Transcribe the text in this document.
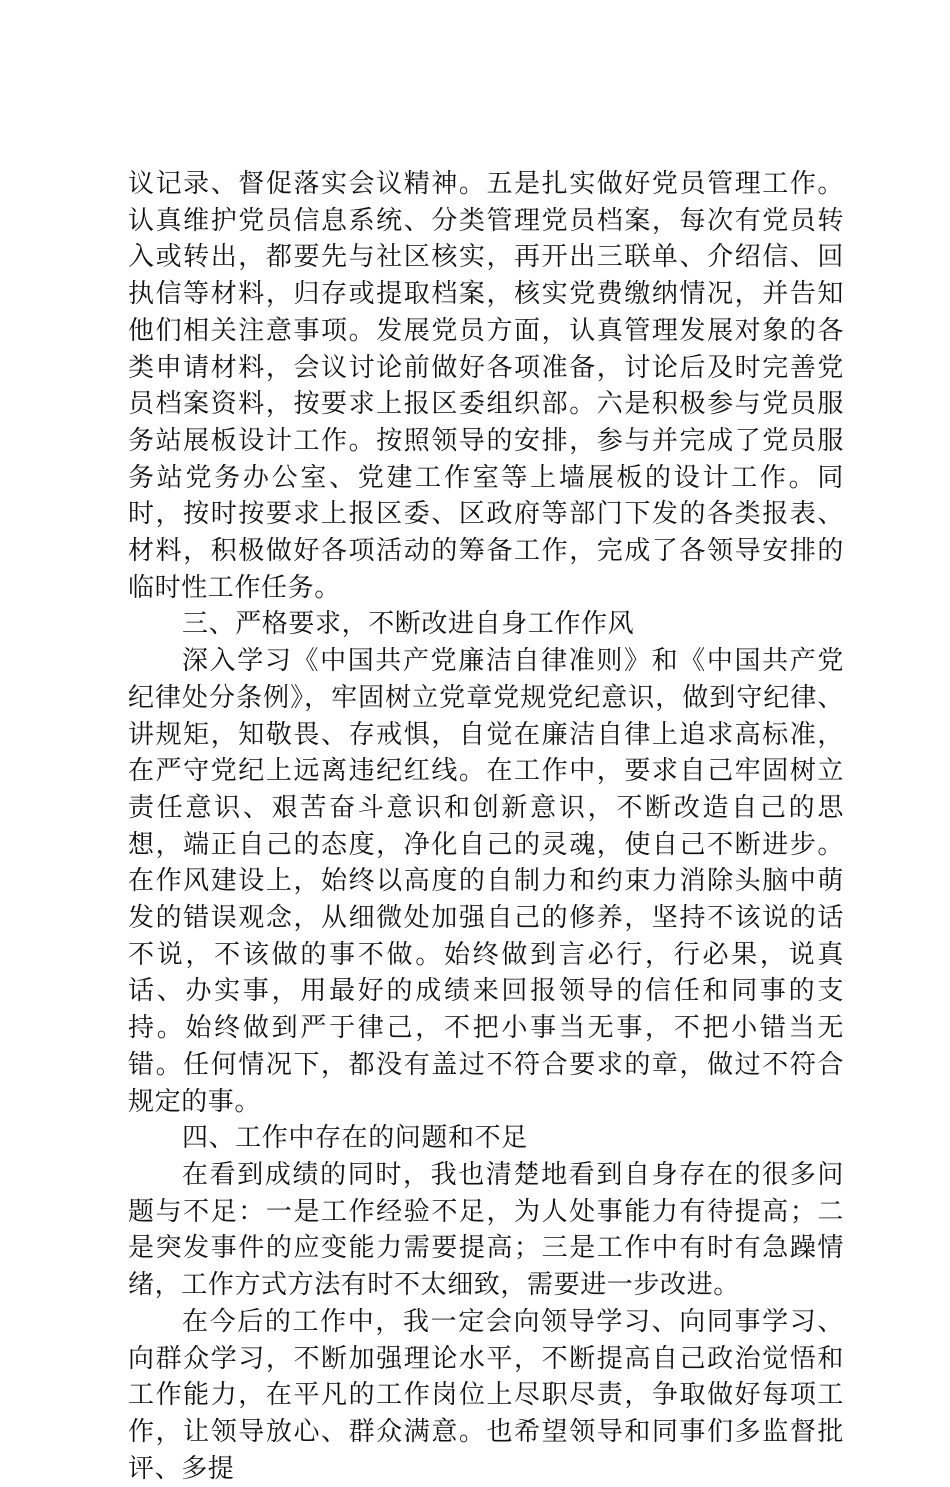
议记录、督促落实会议精神。五是扎实做好党员管理工作。认真维护党员信息系统、分类管理党员档案，每次有党员转入或转出，都要先与社区核实，再开出三联单、介绍信、回执信等材料，归存或提取档案，核实党费缴纳情况，并告知他们相关注意事项。发展党员方面，认真管理发展对象的各类申请材料，会议讨论前做好各项准备，讨论后及时完善党员档案资料，按要求上报区委组织部。六是积极参与党员服务站展板设计工作。按照领导的安排，参与并完成了党员服务站党务办公室、党建工作室等上墙展板的设计工作。同时，按时按要求上报区委、区政府等部门下发的各类报表、材料，积极做好各项活动的筹备工作，完成了各领导安排的临时性工作任务。

三、严格要求，不断改进自身工作作风

深入学习《中国共产党廉洁自律准则》和《中国共产党纪律处分条例》，牢固树立党章党规党纪意识，做到守纪律、讲规矩，知敬畏、存戒惧，自觉在廉洁自律上追求高标准，在严守党纪上远离违纪红线。在工作中，要求自己牢固树立责任意识、艰苦奋斗意识和创新意识，不断改造自己的思想，端正自己的态度，净化自己的灵魂，使自己不断进步。在作风建设上，始终以高度的自制力和约束力消除头脑中萌发的错误观念，从细微处加强自己的修养，坚持不该说的话不说，不该做的事不做。始终做到言必行，行必果，说真话、办实事，用最好的成绩来回报领导的信任和同事的支持。始终做到严于律己，不把小事当无事，不把小错当无错。任何情况下，都没有盖过不符合要求的章，做过不符合规定的事。

四、工作中存在的问题和不足

在看到成绩的同时，我也清楚地看到自身存在的很多问题与不足：一是工作经验不足，为人处事能力有待提高；二是突发事件的应变能力需要提高；三是工作中有时有急躁情绪，工作方式方法有时不太细致，需要进一步改进。

在今后的工作中，我一定会向领导学习、向同事学习、向群众学习，不断加强理论水平，不断提高自己政治觉悟和工作能力，在平凡的工作岗位上尽职尽责，争取做好每项工作，让领导放心、群众满意。也希望领导和同事们多监督批评、多提
